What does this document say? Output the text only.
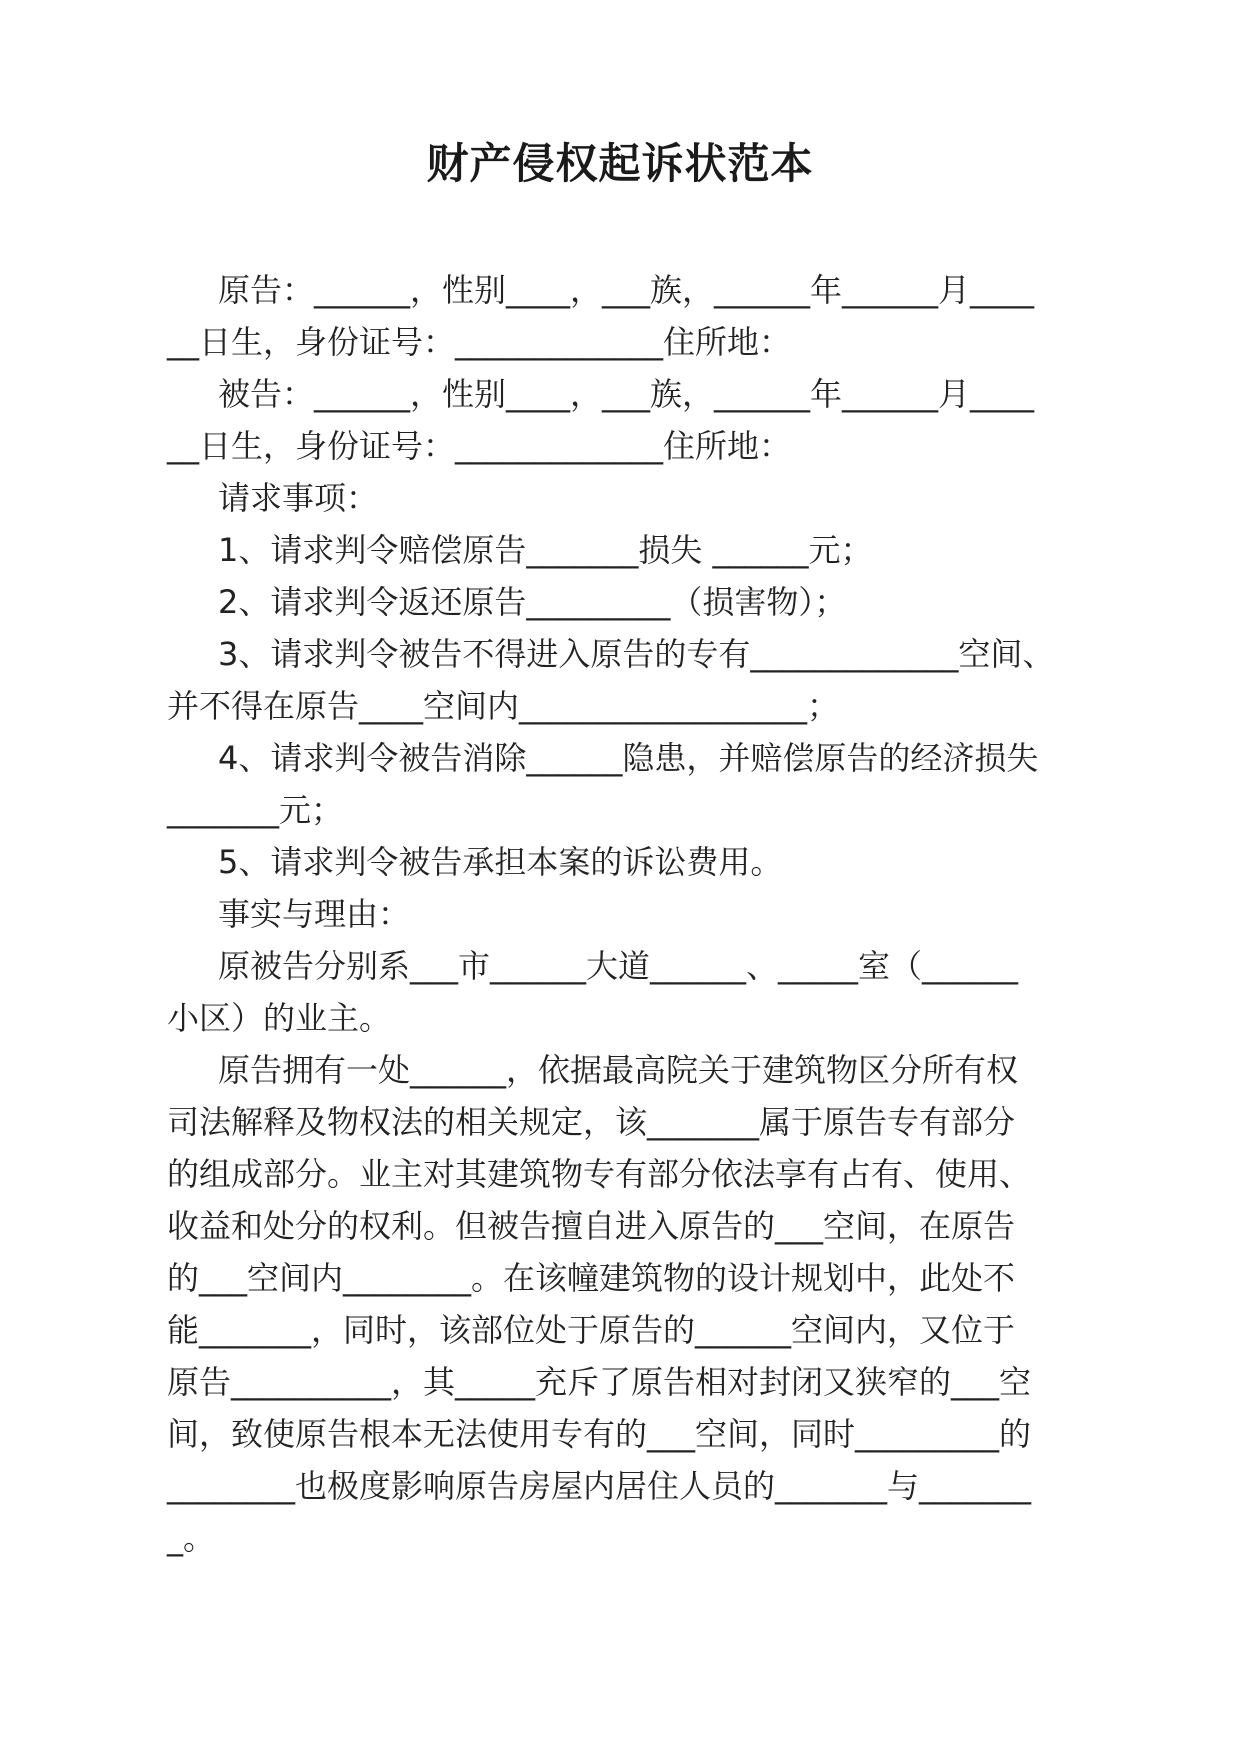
财产侵权起诉状范本
原告：______，性别____，___族，______年______月____
__日生，身份证号：_____________住所地：
被告：______，性别____，___族，______年______月____
__日生，身份证号：_____________住所地：
请求事项：
1、请求判令赔偿原告_______损失 ______元；
2、请求判令返还原告_________（损害物）；
3、请求判令被告不得进入原告的专有_____________空间、
并不得在原告____空间内__________________；
4、请求判令被告消除______隐患，并赔偿原告的经济损失
_______元；
5、请求判令被告承担本案的诉讼费用。
事实与理由：
原被告分别系___市______大道______、_____室（______
小区）的业主。
原告拥有一处______，依据最高院关于建筑物区分所有权
司法解释及物权法的相关规定，该_______属于原告专有部分
的组成部分。业主对其建筑物专有部分依法享有占有、使用、
收益和处分的权利。但被告擅自进入原告的___空间，在原告
的___空间内________。在该幢建筑物的设计规划中，此处不
能_______，同时，该部位处于原告的______空间内，又位于
原告__________，其_____充斥了原告相对封闭又狭窄的___空
间，致使原告根本无法使用专有的___空间，同时_________的
________也极度影响原告房屋内居住人员的_______与_______
_。
